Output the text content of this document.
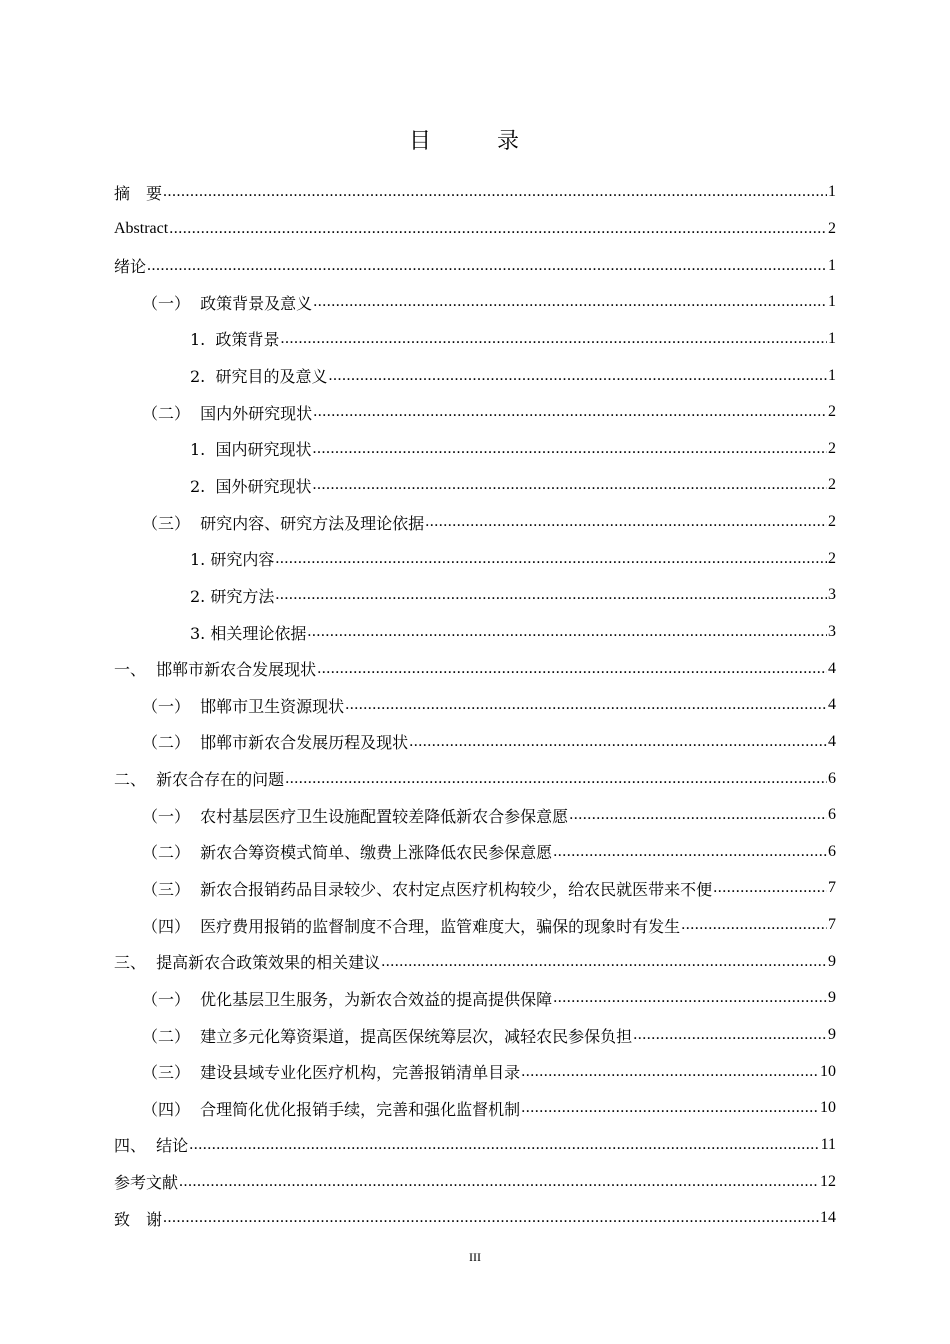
目　录
摘　要 .....	1
Abstract .....	2
绪论 .....	1
（一）  政策背景及意义 .....	1
1.  政策背景 .....	1
2.  研究目的及意义 .....	1
（二）  国内外研究现状 .....	2
1.  国内研究现状 .....	2
2.  国外研究现状 .....	2
（三）  研究内容、研究方法及理论依据 .....	2
1. 研究内容 .....	2
2. 研究方法 .....	3
3. 相关理论依据 .....	3
一、  邯郸市新农合发展现状 .....	4
（一）  邯郸市卫生资源现状 .....	4
（二）  邯郸市新农合发展历程及现状 .....	4
二、  新农合存在的问题 .....	6
（一）  农村基层医疗卫生设施配置较差降低新农合参保意愿 .....	6
（二）  新农合筹资模式简单、缴费上涨降低农民参保意愿 .....	6
（三）  新农合报销药品目录较少、农村定点医疗机构较少，给农民就医带来不便 .....	7
（四）  医疗费用报销的监督制度不合理，监管难度大，骗保的现象时有发生 .....	7
三、  提高新农合政策效果的相关建议 .....	9
（一）  优化基层卫生服务，为新农合效益的提高提供保障 .....	9
（二）  建立多元化筹资渠道，提高医保统筹层次，减轻农民参保负担 .....	9
（三）  建设县域专业化医疗机构，完善报销清单目录 .....	10
（四）  合理简化优化报销手续，完善和强化监督机制 .....	10
四、  结论 .....	11
参考文献 .....	12
致　谢 .....	14
III
